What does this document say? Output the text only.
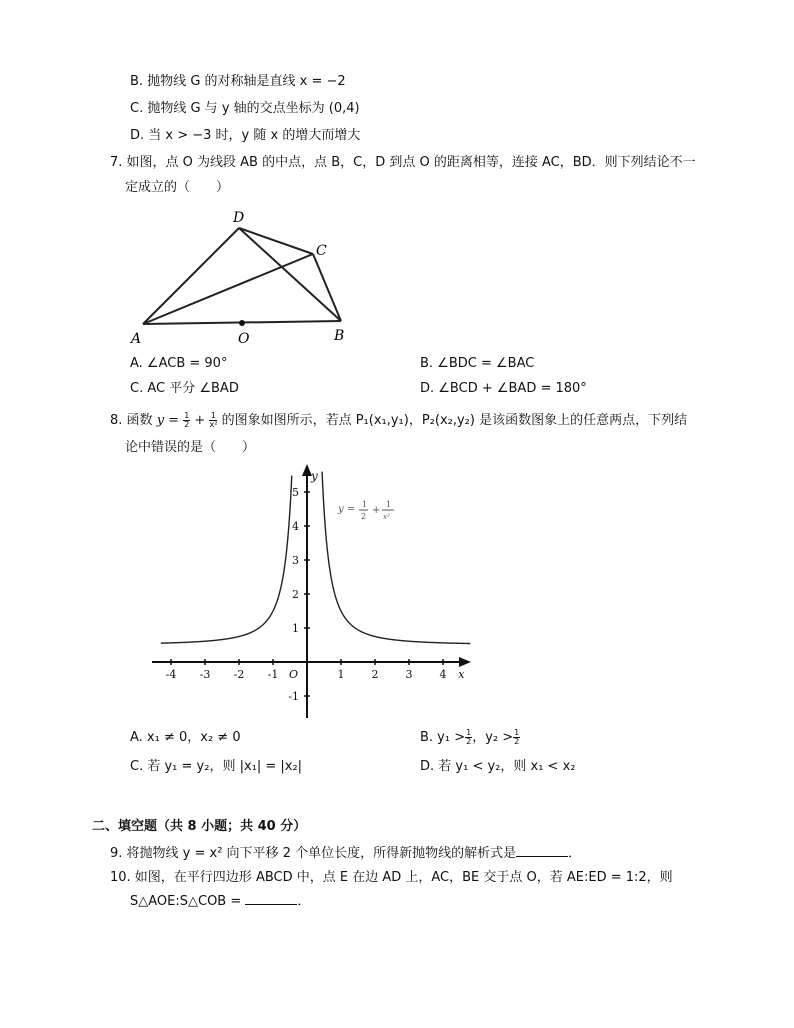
B. 抛物线 G 的对称轴是直线 x = −2
C. 抛物线 G 与 y 轴的交点坐标为 (0,4)
D. 当 x > −3 时，y 随 x 的增大而增大
7. 如图，点 O 为线段 AB 的中点，点 B，C，D 到点 O 的距离相等，连接 AC，BD．则下列结论不一
定成立的（　　）
D
C
A	O	B
A. ∠ACB = 90°	B. ∠BDC = ∠BAC
C. AC 平分 ∠BAD	D. ∠BCD + ∠BAD = 180°
8. 函数 $y = \frac{1}{2} + \frac{1}{\text{x²}}$ 的图象如图所示，若点 P₁(x₁,y₁)，P₂(x₂,y₂) 是该函数图象上的任意两点，下列结
论中错误的是（　　）
-4 -3 -2 -1	1 2 3 4
-1
1
2
3
4
5
x
y
O
y = 1
2
+
1
x²
A. x₁ ≠ 0，x₂ ≠ 0	B. $y_1 > \frac{1}{2}$ ，$y_2 > \frac{1}{2}$
C. 若 y₁ = y₂，则 |x₁| = |x₂|	D. 若 y₁ < y₂，则 x₁ < x₂
二、填空题（共 8 小题；共 40 分）
9. 将抛物线 y = x² 向下平移 2 个单位长度，所得新抛物线的解析式是	．
10. 如图，在平行四边形 ABCD 中，点 E 在边 AD 上，AC，BE 交于点 O，若 AE:ED = 1:2，则
S△AOE:S△COB =	．
